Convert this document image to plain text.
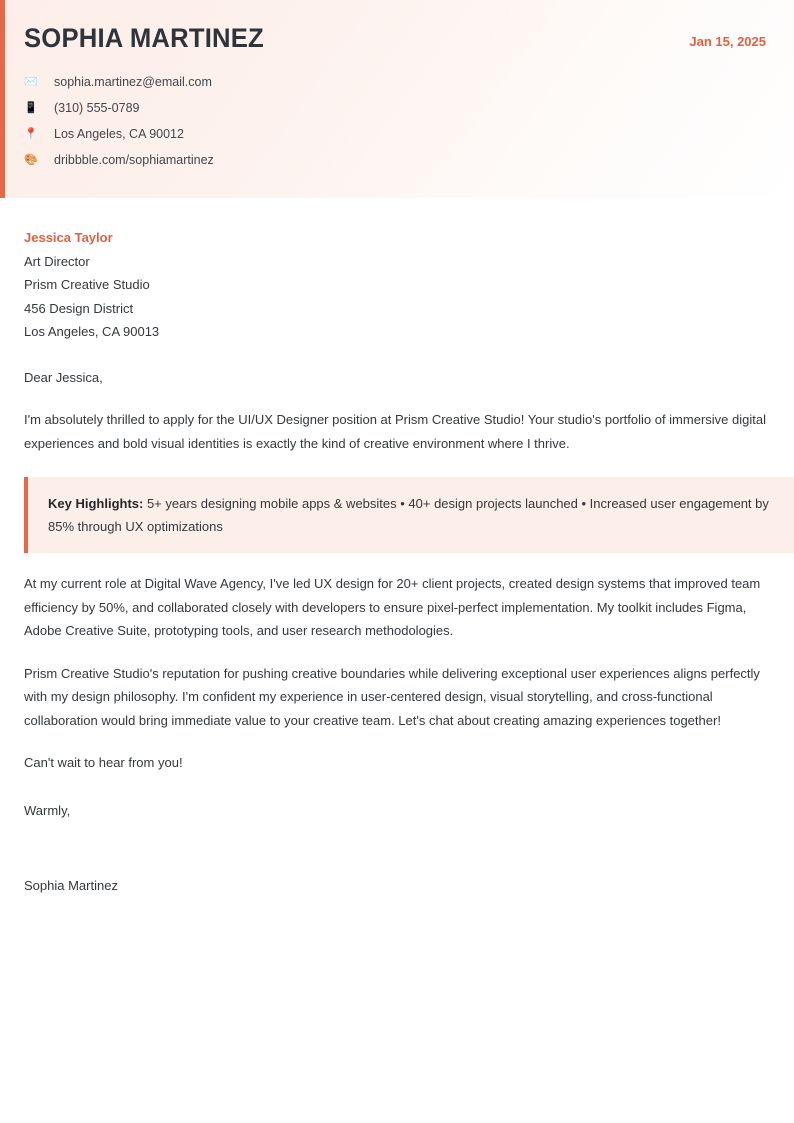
SOPHIA MARTINEZ	Jan 15, 2025
✉️	sophia.martinez@email.com
📱	(310) 555-0789
📍	Los Angeles, CA 90012
🎨	dribbble.com/sophiamartinez
Jessica Taylor
Art Director
Prism Creative Studio
456 Design District
Los Angeles, CA 90013
Dear Jessica,

I'm absolutely thrilled to apply for the UI/UX Designer position at Prism Creative Studio! Your studio's portfolio of immersive digital experiences and bold visual identities is exactly the kind of creative environment where I thrive.

Key Highlights: 5+ years designing mobile apps & websites • 40+ design projects launched • Increased user engagement by 85% through UX optimizations

At my current role at Digital Wave Agency, I've led UX design for 20+ client projects, created design systems that improved team efficiency by 50%, and collaborated closely with developers to ensure pixel-perfect implementation. My toolkit includes Figma, Adobe Creative Suite, prototyping tools, and user research methodologies.

Prism Creative Studio's reputation for pushing creative boundaries while delivering exceptional user experiences aligns perfectly with my design philosophy. I'm confident my experience in user-centered design, visual storytelling, and cross-functional collaboration would bring immediate value to your creative team. Let's chat about creating amazing experiences together!

Can't wait to hear from you!

Warmly,
Sophia Martinez
